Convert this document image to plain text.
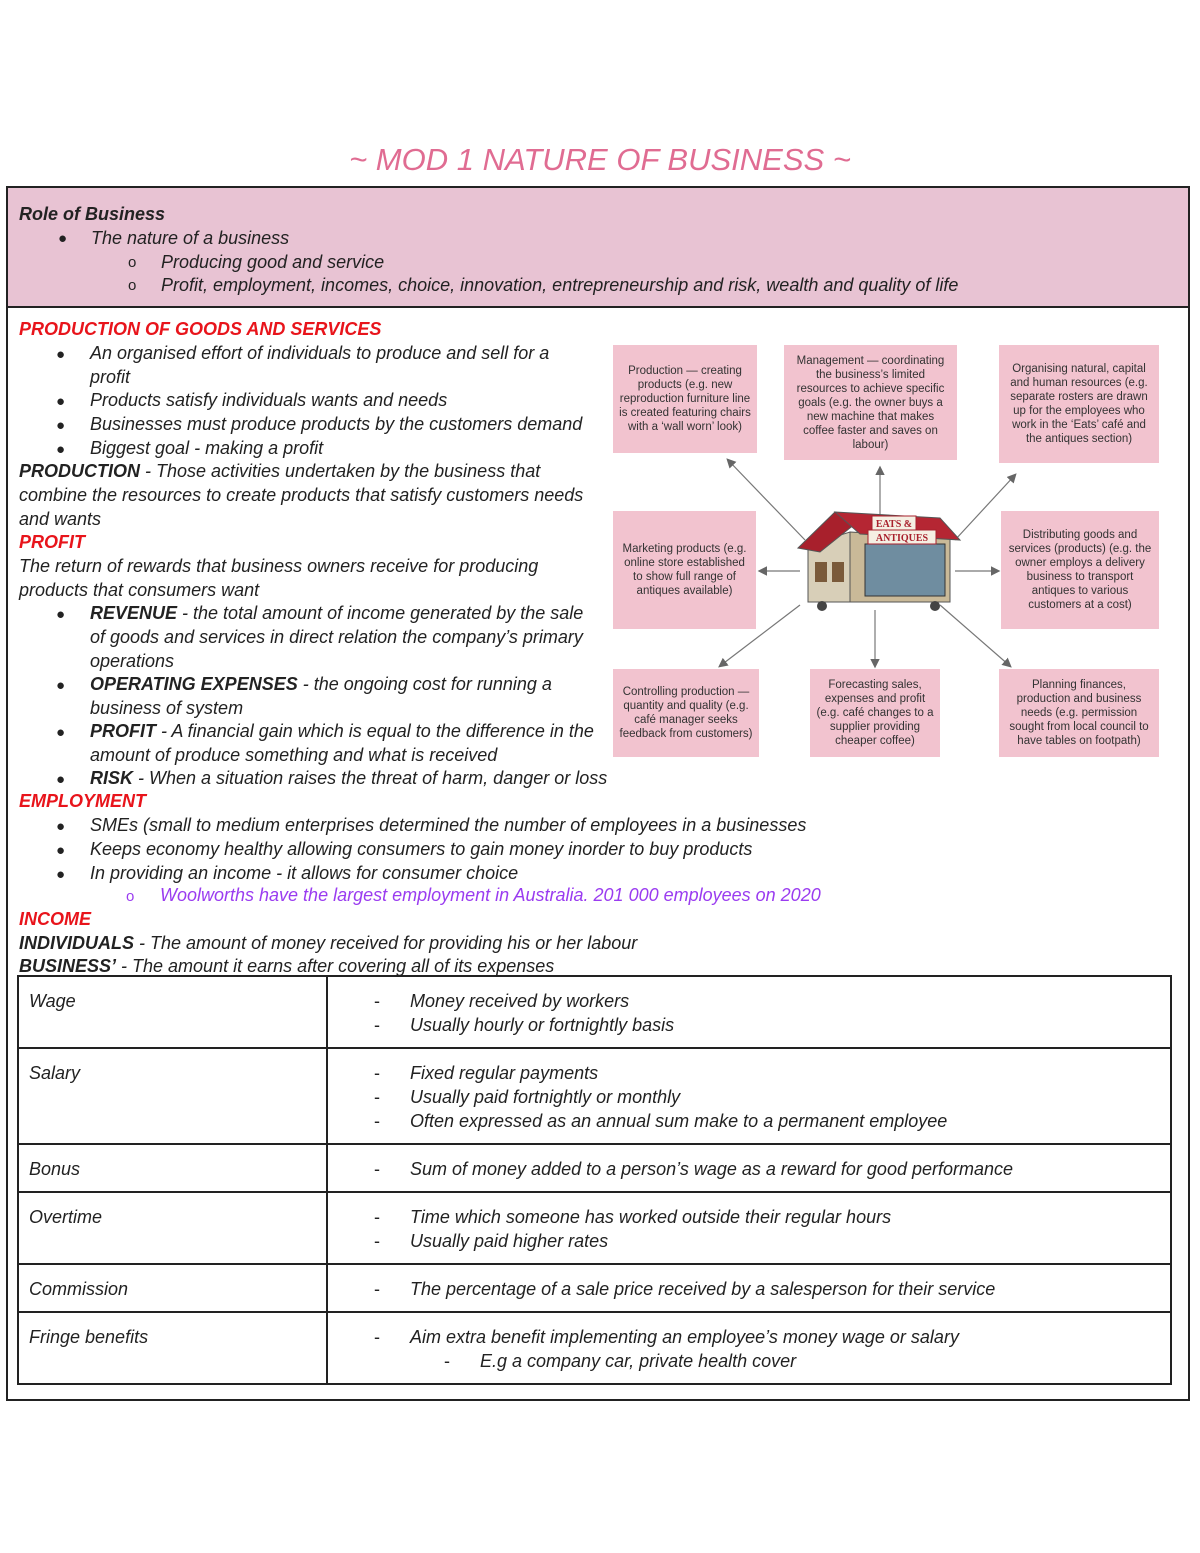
~ MOD 1 NATURE OF BUSINESS ~
Role of Business
● The nature of a business
o Producing good and service
o Profit, employment, incomes, choice, innovation, entrepreneurship and risk, wealth and quality of life
PRODUCTION OF GOODS AND SERVICES
● An organised effort of individuals to produce and sell for a
profit
● Products satisfy individuals wants and needs
● Businesses must produce products by the customers demand
● Biggest goal - making a profit
PRODUCTION - Those activities undertaken by the business that
combine the resources to create products that satisfy customers needs
and wants
PROFIT
The return of rewards that business owners receive for producing
products that consumers want
● REVENUE - the total amount of income generated by the sale
of goods and services in direct relation the company’s primary
operations
● OPERATING EXPENSES - the ongoing cost for running a
business of system
● PROFIT - A financial gain which is equal to the difference in the
amount of produce something and what is received
● RISK - When a situation raises the threat of harm, danger or loss
EMPLOYMENT
● SMEs (small to medium enterprises determined the number of employees in a businesses
● Keeps economy healthy allowing consumers to gain money inorder to buy products
● In providing an income - it allows for consumer choice
o Woolworths have the largest employment in Australia. 201 000 employees on 2020
INCOME
INDIVIDUALS - The amount of money received for providing his or her labour
BUSINESS’ - The amount it earns after covering all of its expenses
Wage	- Money received by workers
- Usually hourly or fortnightly basis

Salary	- Fixed regular payments
- Usually paid fortnightly or monthly
- Often expressed as an annual sum make to a permanent employee

Bonus	- Sum of money added to a person’s wage as a reward for good performance

Overtime	- Time which someone has worked outside their regular hours
- Usually paid higher rates

Commission	- The percentage of a sale price received by a salesperson for their service

Fringe benefits	- Aim extra benefit implementing an employee’s money wage or salary
- E.g a company car, private health cover
EATS &
ANTIQUES
Production — creating products (e.g. new reproduction furniture line is created featuring chairs with a ‘wall worn’ look)
Management — coordinating the business’s limited resources to achieve specific goals (e.g. the owner buys a new machine that makes coffee faster and saves on labour)
Organising natural, capital and human resources (e.g. separate rosters are drawn up for the employees who work in the ‘Eats’ café and the antiques section)
Marketing products (e.g. online store established to show full range of antiques available)
Distributing goods and services (products) (e.g. the owner employs a delivery business to transport antiques to various customers at a cost)
Controlling production — quantity and quality (e.g. café manager seeks feedback from customers)
Forecasting sales, expenses and profit (e.g. café changes to a supplier providing cheaper coffee)
Planning finances, production and business needs (e.g. permission sought from local council to have tables on footpath)
